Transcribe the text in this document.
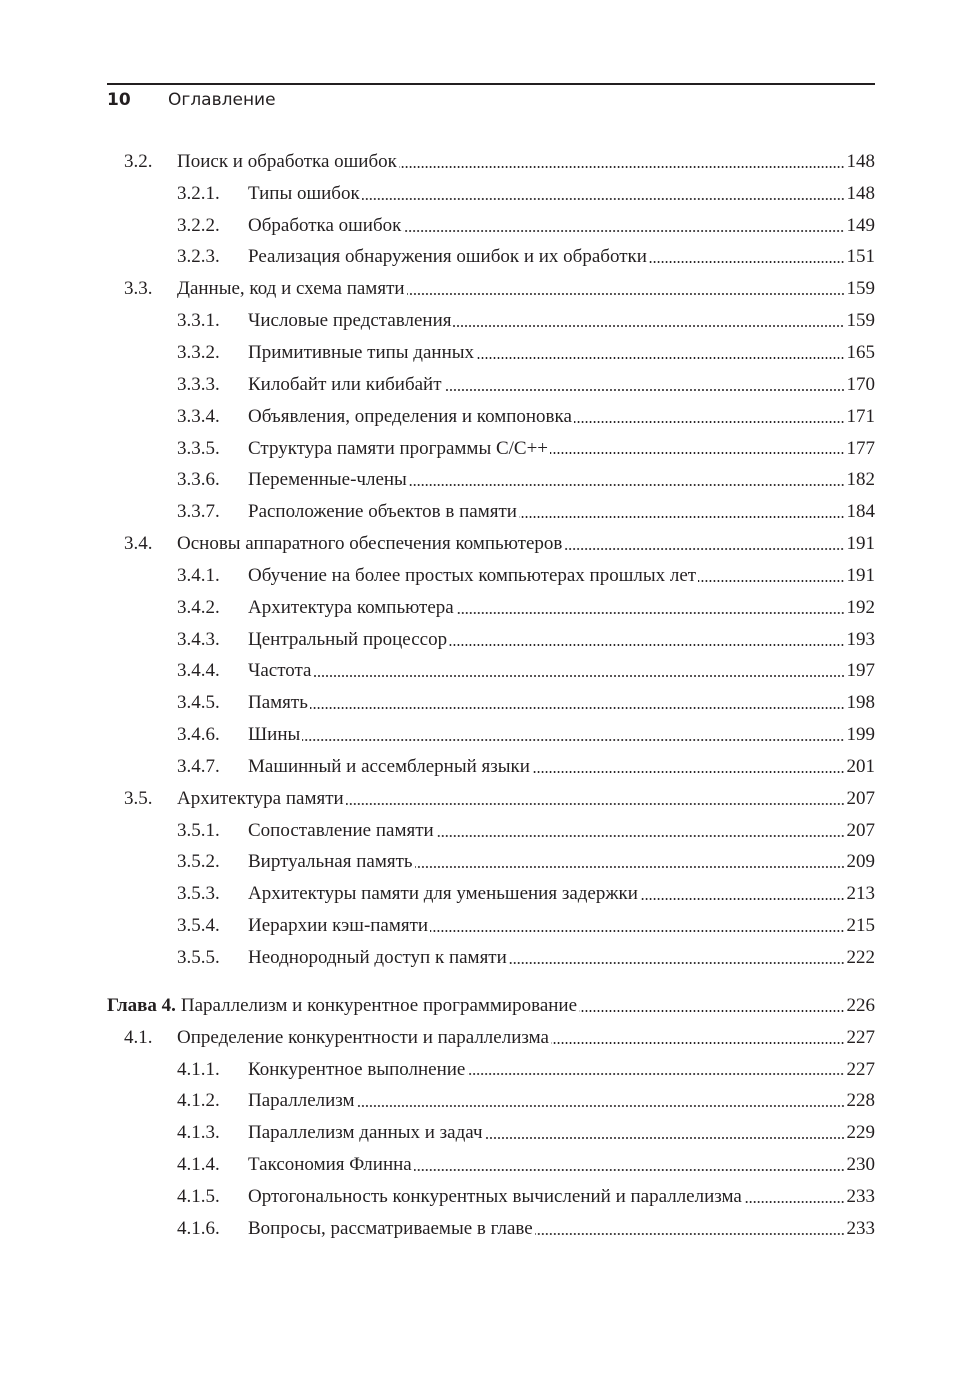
10 Оглавление
3.2.	Поиск и обработка ошибок	148
3.2.1.	Типы ошибок	148
3.2.2.	Обработка ошибок	149
3.2.3.	Реализация обнаружения ошибок и их обработки	151
3.3.	Данные, код и схема памяти	159
3.3.1.	Числовые представления	159
3.3.2.	Примитивные типы данных	165
3.3.3.	Килобайт или кибибайт	170
3.3.4.	Объявления, определения и компоновка	171
3.3.5.	Структура памяти программы C/C++	177
3.3.6.	Переменные-члены	182
3.3.7.	Расположение объектов в памяти	184
3.4.	Основы аппаратного обеспечения компьютеров	191
3.4.1.	Обучение на более простых компьютерах прошлых лет	191
3.4.2.	Архитектура компьютера	192
3.4.3.	Центральный процессор	193
3.4.4.	Частота	197
3.4.5.	Память	198
3.4.6.	Шины	199
3.4.7.	Машинный и ассемблерный языки	201
3.5.	Архитектура памяти	207
3.5.1.	Сопоставление памяти	207
3.5.2.	Виртуальная память	209
3.5.3.	Архитектуры памяти для уменьшения задержки	213
3.5.4.	Иерархии кэш-памяти	215
3.5.5.	Неоднородный доступ к памяти	222
Глава 4. Параллелизм и конкурентное программирование	226
4.1.	Определение конкурентности и параллелизма	227
4.1.1.	Конкурентное выполнение	227
4.1.2.	Параллелизм	228
4.1.3.	Параллелизм данных и задач	229
4.1.4.	Таксономия Флинна	230
4.1.5.	Ортогональность конкурентных вычислений и параллелизма	233
4.1.6.	Вопросы, рассматриваемые в главе	233
